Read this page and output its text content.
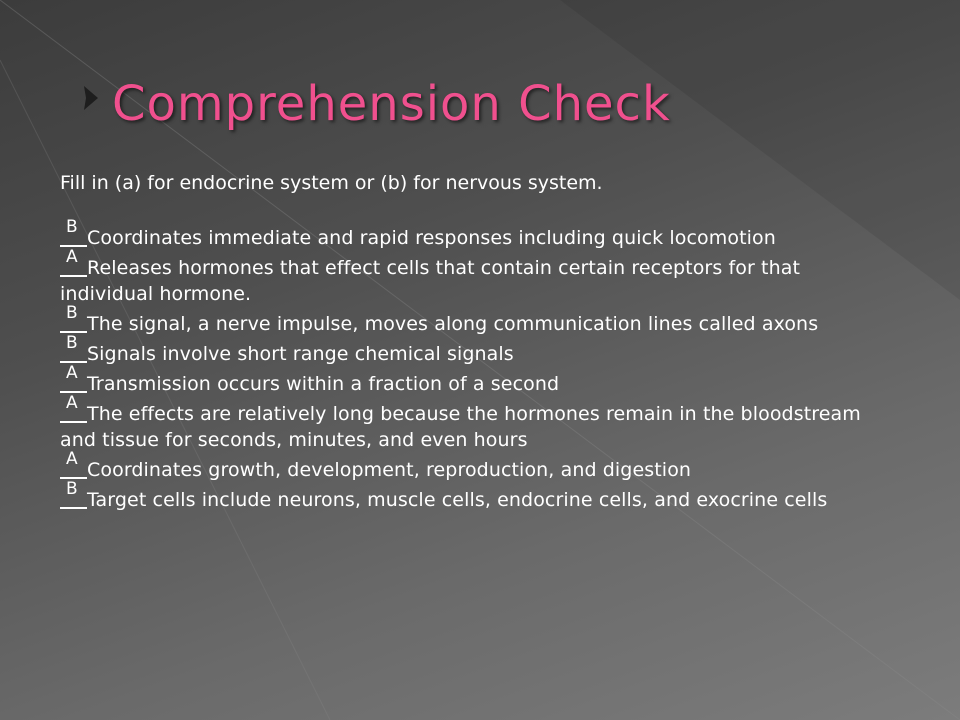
Comprehension Check

Fill in (a) for endocrine system or (b) for nervous system.

B Coordinates immediate and rapid responses including quick locomotion
A Releases hormones that effect cells that contain certain receptors for that individual hormone.
B The signal, a nerve impulse, moves along communication lines called axons
B Signals involve short range chemical signals
A Transmission occurs within a fraction of a second
A The effects are relatively long because the hormones remain in the bloodstream and tissue for seconds, minutes, and even hours
A Coordinates growth, development, reproduction, and digestion
B Target cells include neurons, muscle cells, endocrine cells, and exocrine cells
